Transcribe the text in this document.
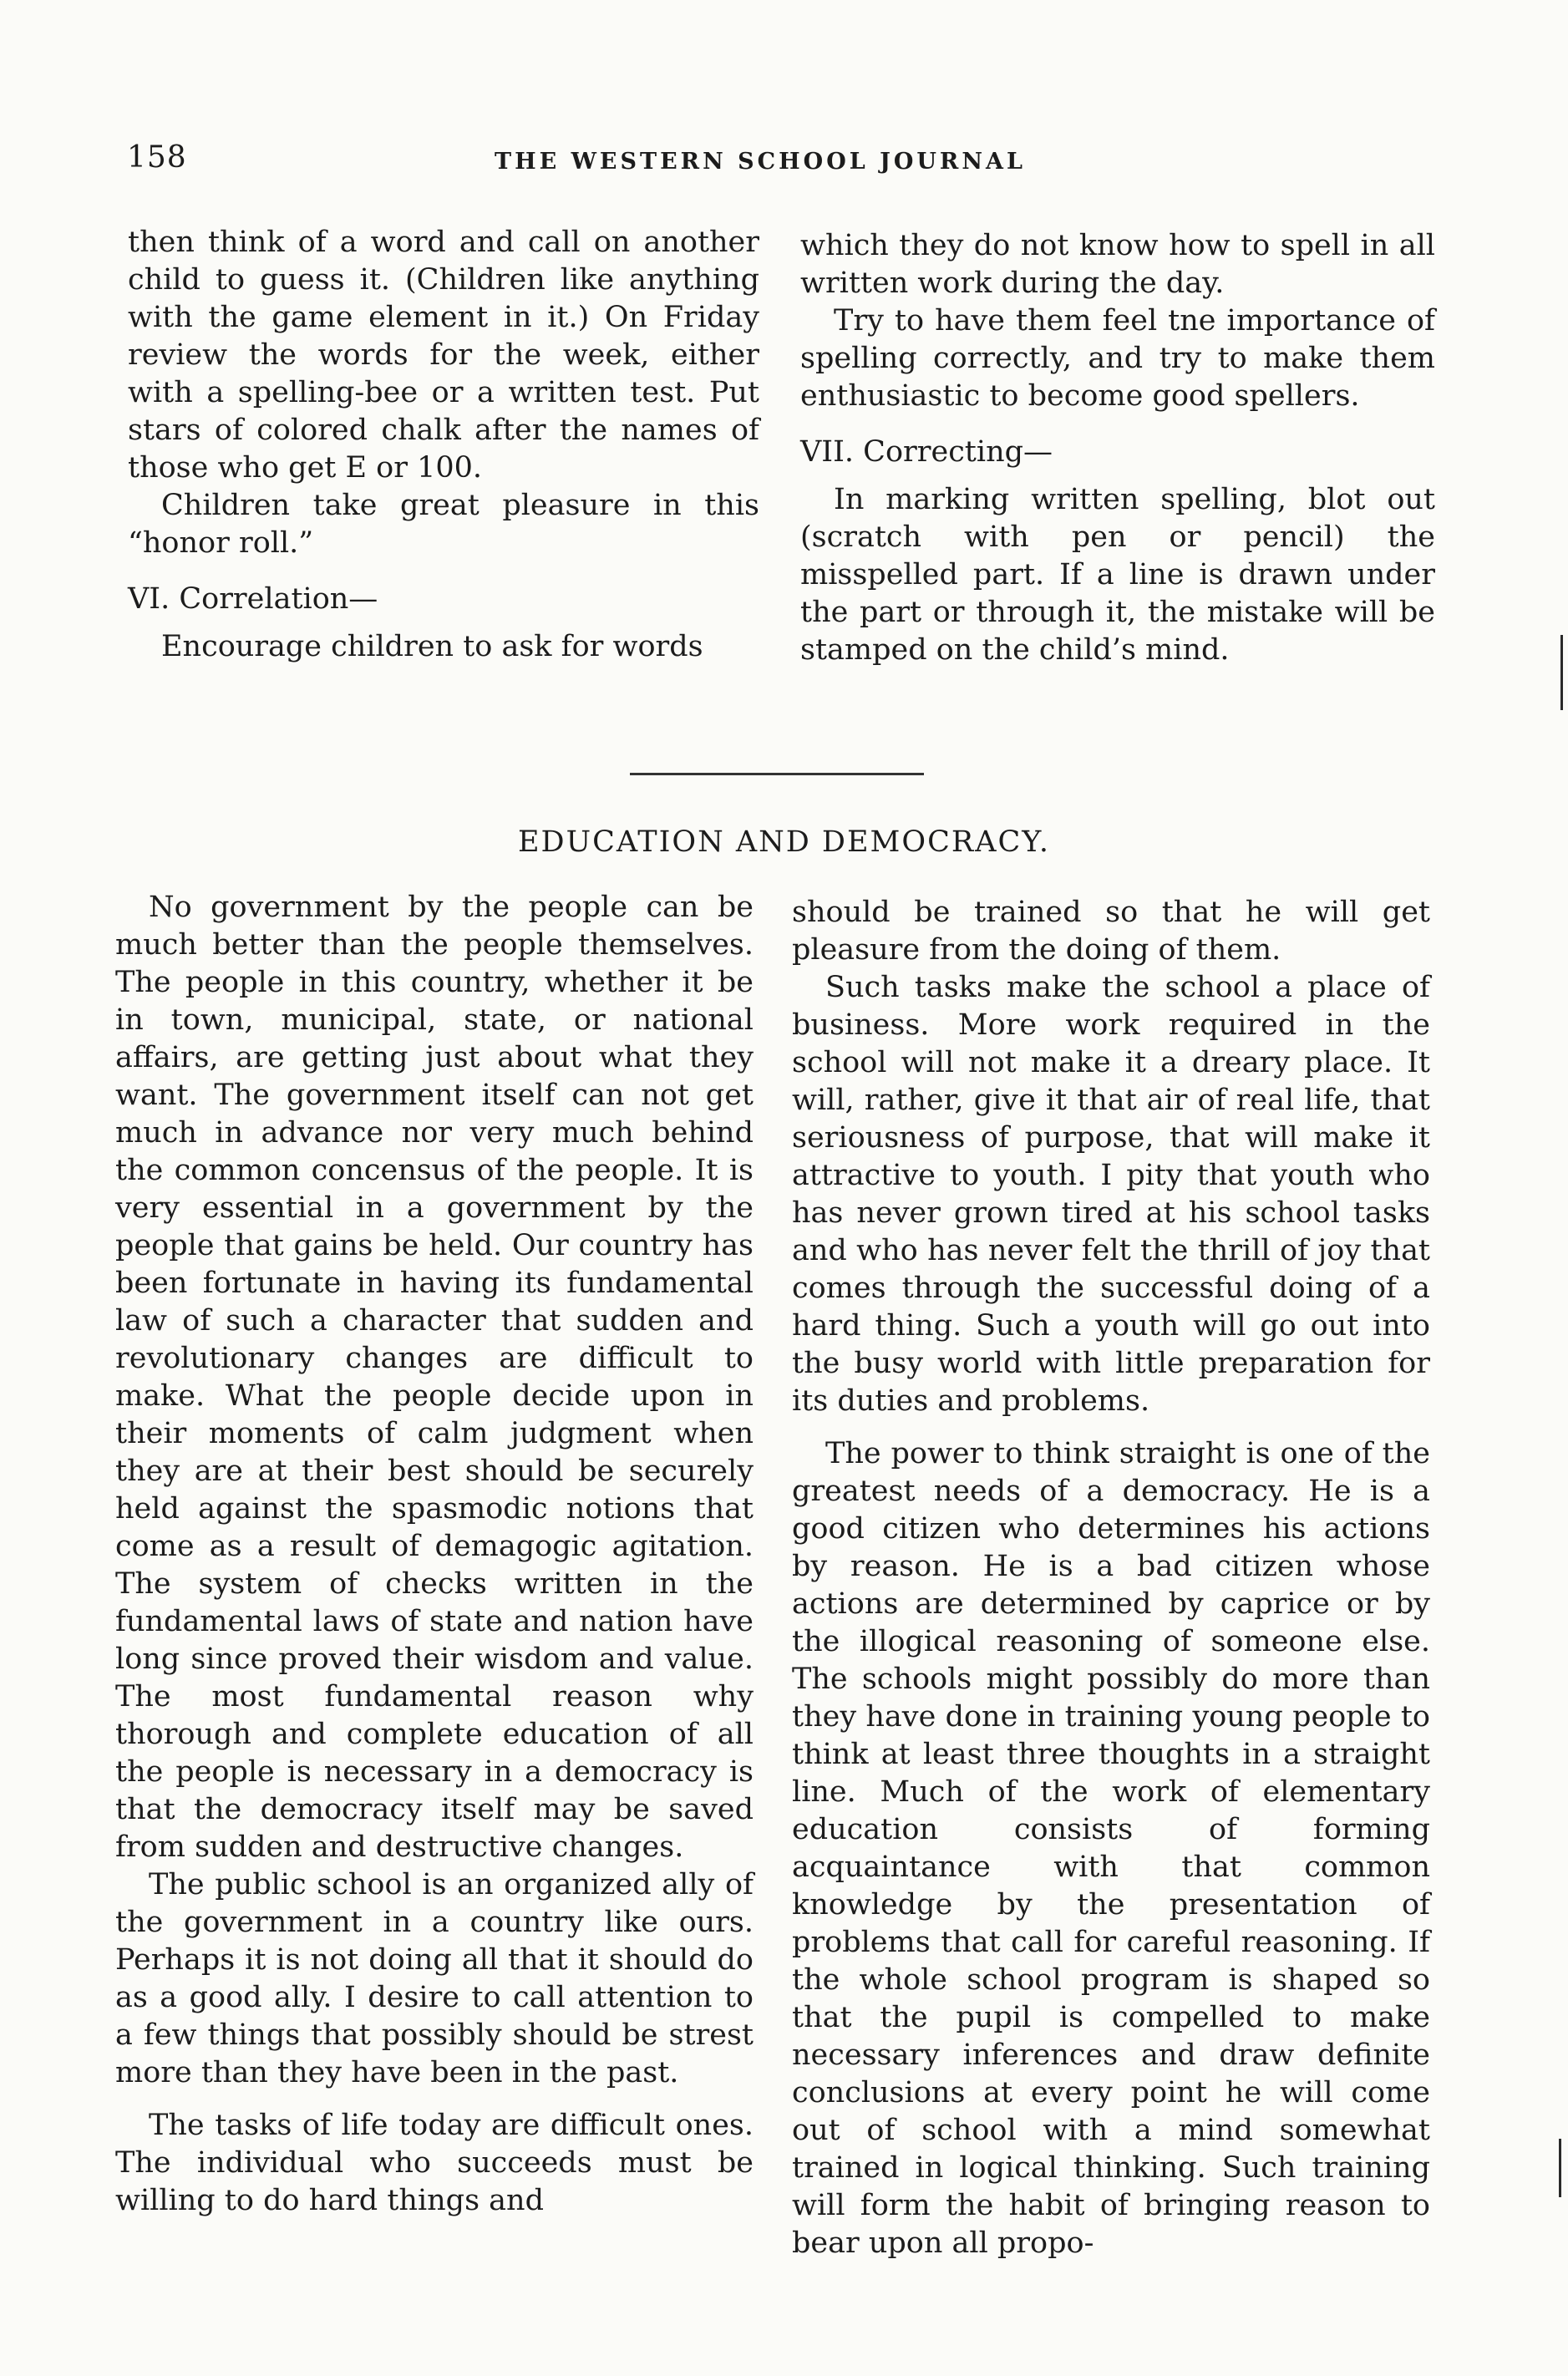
158	THE WESTERN SCHOOL JOURNAL

then think of a word and call on another child to guess it. (Children like anything with the game element in it.) On Friday review the words for the week, either with a spelling-bee or a written test. Put stars of colored chalk after the names of those who get E or 100.

Children take great pleasure in this “honor roll.”

VI. Correlation—

Encourage children to ask for words

which they do not know how to spell in all written work during the day.

Try to have them feel tne importance of spelling correctly, and try to make them enthusiastic to become good spellers.

VII. Correcting—

In marking written spelling, blot out (scratch with pen or pencil) the misspelled part. If a line is drawn under the part or through it, the mistake will be stamped on the child’s mind.

EDUCATION AND DEMOCRACY.

No government by the people can be much better than the people themselves. The people in this country, whether it be in town, municipal, state, or national affairs, are getting just about what they want. The government itself can not get much in advance nor very much behind the common concensus of the people. It is very essential in a government by the people that gains be held. Our country has been fortunate in having its fundamental law of such a character that sudden and revolutionary changes are difficult to make. What the people decide upon in their moments of calm judgment when they are at their best should be securely held against the spasmodic notions that come as a result of demagogic agitation. The system of checks written in the fundamental laws of state and nation have long since proved their wisdom and value. The most fundamental reason why thorough and complete education of all the people is necessary in a democracy is that the democracy itself may be saved from sudden and destructive changes.

The public school is an organized ally of the government in a country like ours. Perhaps it is not doing all that it should do as a good ally. I desire to call attention to a few things that possibly should be strest more than they have been in the past.

The tasks of life today are difficult ones. The individual who succeeds must be willing to do hard things and

should be trained so that he will get pleasure from the doing of them.

Such tasks make the school a place of business. More work required in the school will not make it a dreary place. It will, rather, give it that air of real life, that seriousness of purpose, that will make it attractive to youth. I pity that youth who has never grown tired at his school tasks and who has never felt the thrill of joy that comes through the successful doing of a hard thing. Such a youth will go out into the busy world with little preparation for its duties and problems.

The power to think straight is one of the greatest needs of a democracy. He is a good citizen who determines his actions by reason. He is a bad citizen whose actions are determined by caprice or by the illogical reasoning of someone else. The schools might possibly do more than they have done in training young people to think at least three thoughts in a straight line. Much of the work of elementary education consists of forming acquaintance with that common knowledge by the presentation of problems that call for careful reasoning. If the whole school program is shaped so that the pupil is compelled to make necessary inferences and draw definite conclusions at every point he will come out of school with a mind somewhat trained in logical thinking. Such training will form the habit of bringing reason to bear upon all propo-
